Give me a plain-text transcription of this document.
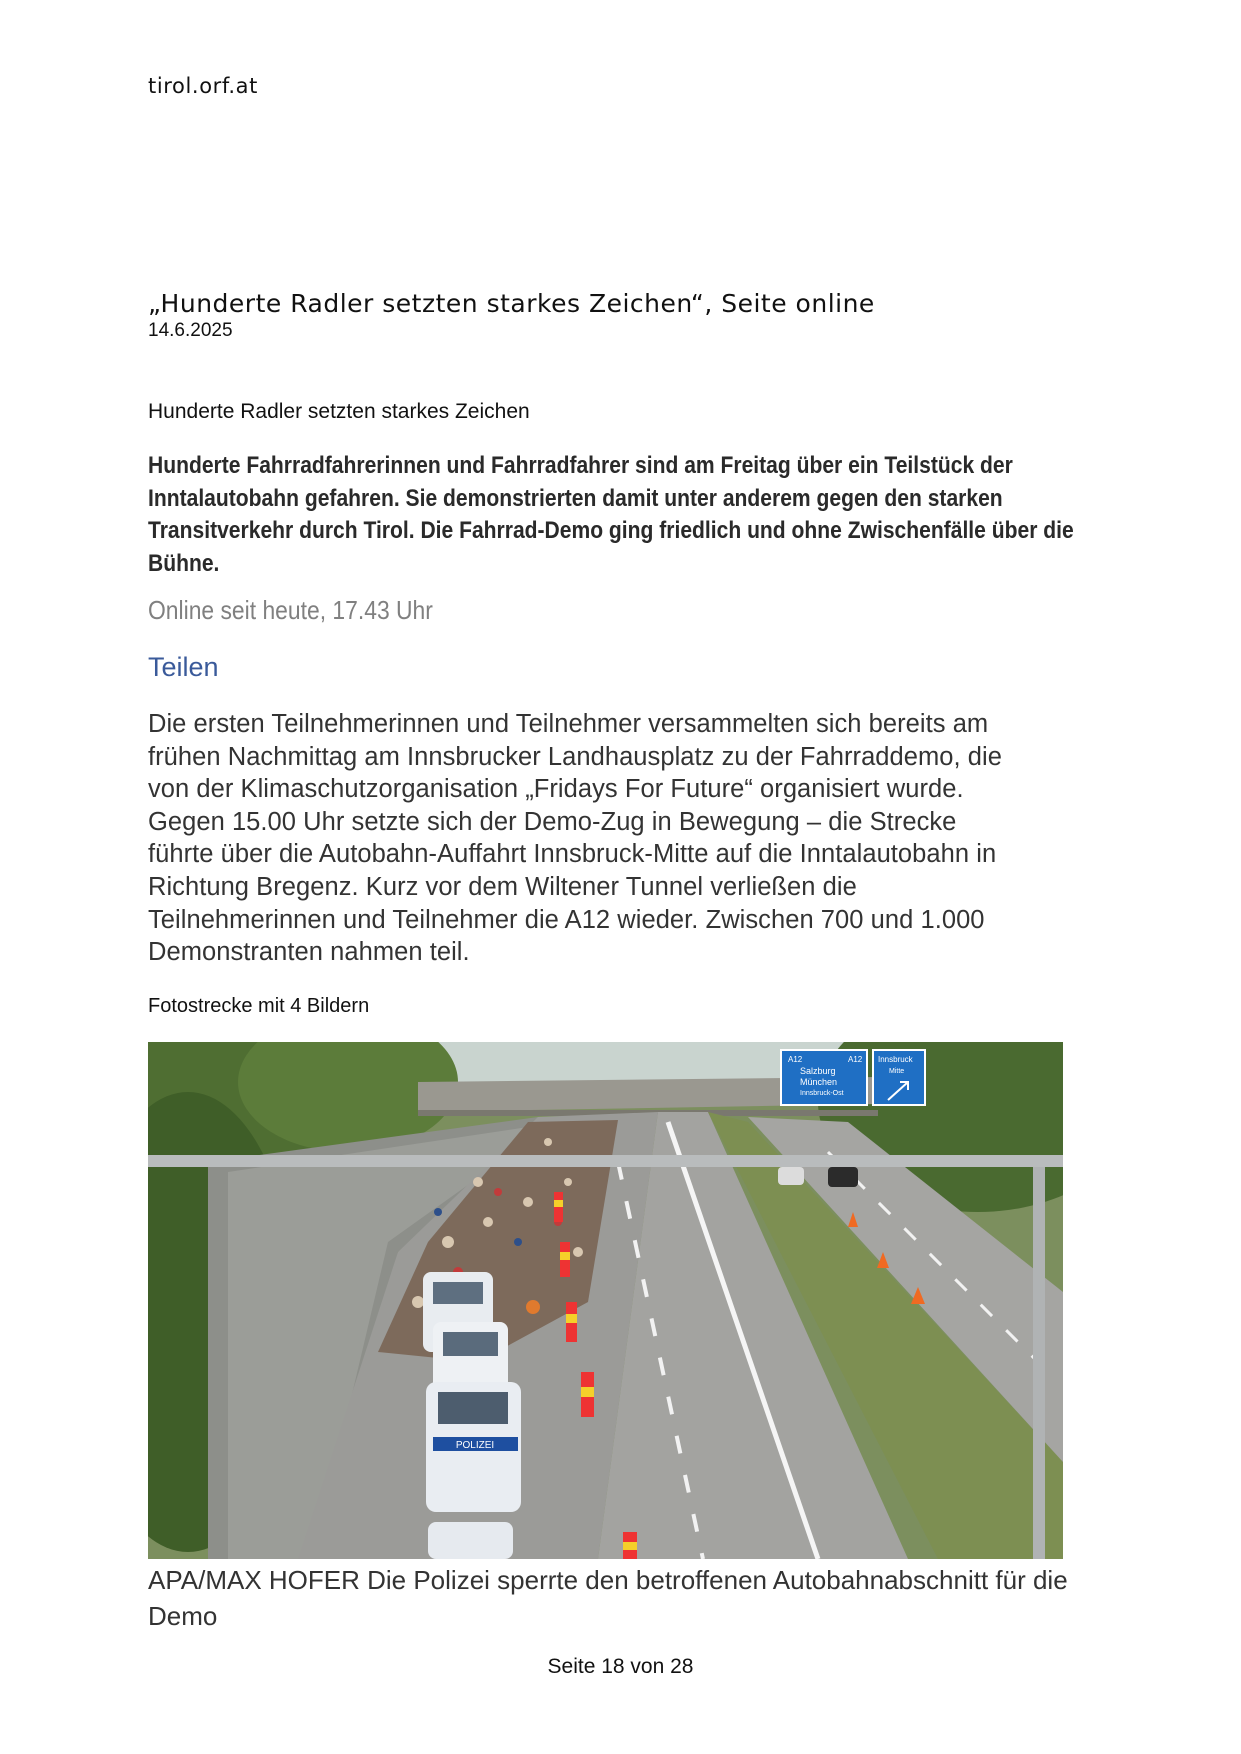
tirol.orf.at
„Hunderte Radler setzten starkes Zeichen“, Seite online
14.6.2025
Hunderte Radler setzten starkes Zeichen
Hunderte Fahrradfahrerinnen und Fahrradfahrer sind am Freitag über ein Teilstück der Inntalautobahn gefahren. Sie demonstrierten damit unter anderem gegen den starken Transitverkehr durch Tirol. Die Fahrrad-Demo ging friedlich und ohne Zwischenfälle über die Bühne.
Online seit heute, 17.43 Uhr
Teilen
Die ersten Teilnehmerinnen und Teilnehmer versammelten sich bereits am
frühen Nachmittag am Innsbrucker Landhausplatz zu der Fahrraddemo, die
von der Klimaschutzorganisation „Fridays For Future“ organisiert wurde.
Gegen 15.00 Uhr setzte sich der Demo-Zug in Bewegung – die Strecke
führte über die Autobahn-Auffahrt Innsbruck-Mitte auf die Inntalautobahn in
Richtung Bregenz. Kurz vor dem Wiltener Tunnel verließen die
Teilnehmerinnen und Teilnehmer die A12 wieder. Zwischen 700 und 1.000
Demonstranten nahmen teil.
Fotostrecke mit 4 Bildern
POLIZEI
A12	A12
Salzburg
München
Innsbruck-Ost
Innsbruck
Mitte
APA/MAX HOFER Die Polizei sperrte den betroffenen Autobahnabschnitt für die Demo
Seite 18 von 28
